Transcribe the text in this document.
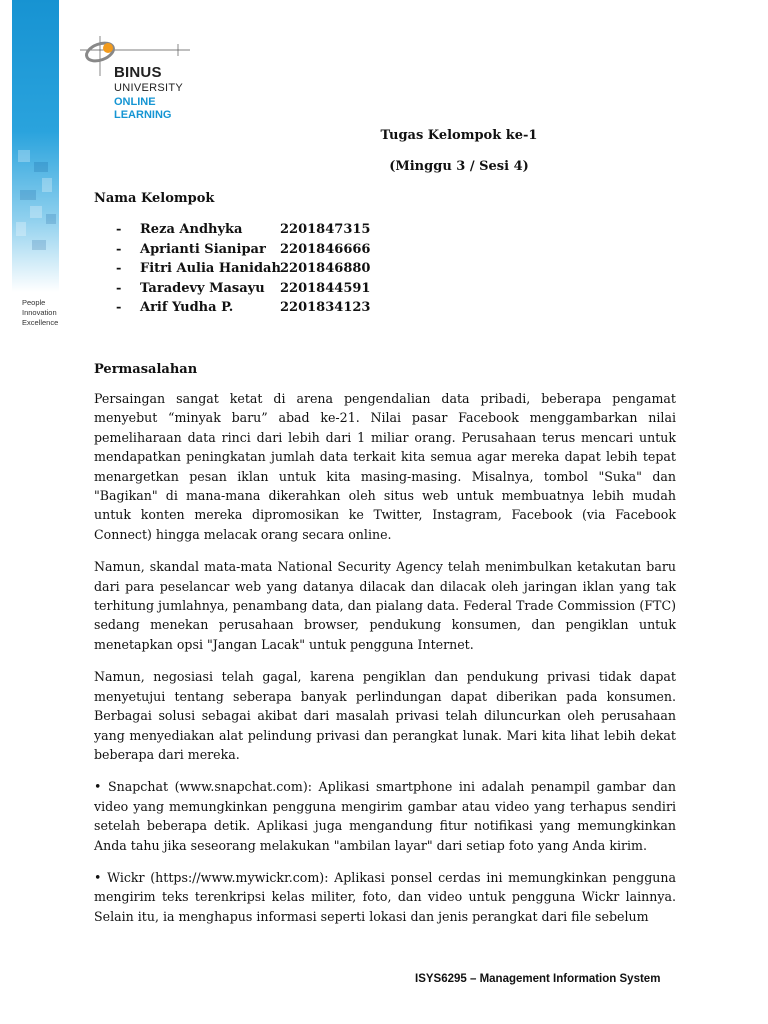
People
Innovation
Excellence
BINUS
UNIVERSITY
ONLINE
LEARNING
Tugas Kelompok ke-1
(Minggu 3 / Sesi 4)
Nama Kelompok
- Reza Andhyka	2201847315
- Aprianti Sianipar 2201846666
- Fitri Aulia Hanidah2201846880
- Taradevy Masayu 2201844591
- Arif Yudha P.	2201834123
Permasalahan

Persaingan sangat ketat di arena pengendalian data pribadi, beberapa pengamat menyebut “minyak baru” abad ke-21. Nilai pasar Facebook menggambarkan nilai pemeliharaan data rinci dari lebih dari 1 miliar orang. Perusahaan terus mencari untuk mendapatkan peningkatan jumlah data terkait kita semua agar mereka dapat lebih tepat menargetkan pesan iklan untuk kita masing-masing. Misalnya, tombol "Suka" dan "Bagikan" di mana-mana dikerahkan oleh situs web untuk membuatnya lebih mudah untuk konten mereka dipromosikan ke Twitter, Instagram, Facebook (via Facebook Connect) hingga melacak orang secara online.

Namun, skandal mata-mata National Security Agency telah menimbulkan ketakutan baru dari para peselancar web yang datanya dilacak dan dilacak oleh jaringan iklan yang tak terhitung jumlahnya, penambang data, dan pialang data. Federal Trade Commission (FTC) sedang menekan perusahaan browser, pendukung konsumen, dan pengiklan untuk menetapkan opsi "Jangan Lacak" untuk pengguna Internet.

Namun, negosiasi telah gagal, karena pengiklan dan pendukung privasi tidak dapat menyetujui tentang seberapa banyak perlindungan dapat diberikan pada konsumen. Berbagai solusi sebagai akibat dari masalah privasi telah diluncurkan oleh perusahaan yang menyediakan alat pelindung privasi dan perangkat lunak. Mari kita lihat lebih dekat beberapa dari mereka.

• Snapchat (www.snapchat.com): Aplikasi smartphone ini adalah penampil gambar dan video yang memungkinkan pengguna mengirim gambar atau video yang terhapus sendiri setelah beberapa detik. Aplikasi juga mengandung fitur notifikasi yang memungkinkan Anda tahu jika seseorang melakukan "ambilan layar" dari setiap foto yang Anda kirim.

• Wickr (https://www.mywickr.com): Aplikasi ponsel cerdas ini memungkinkan pengguna mengirim teks terenkripsi kelas militer, foto, dan video untuk pengguna Wickr lainnya. Selain itu, ia menghapus informasi seperti lokasi dan jenis perangkat dari file sebelum

ISYS6295 – Management Information System
